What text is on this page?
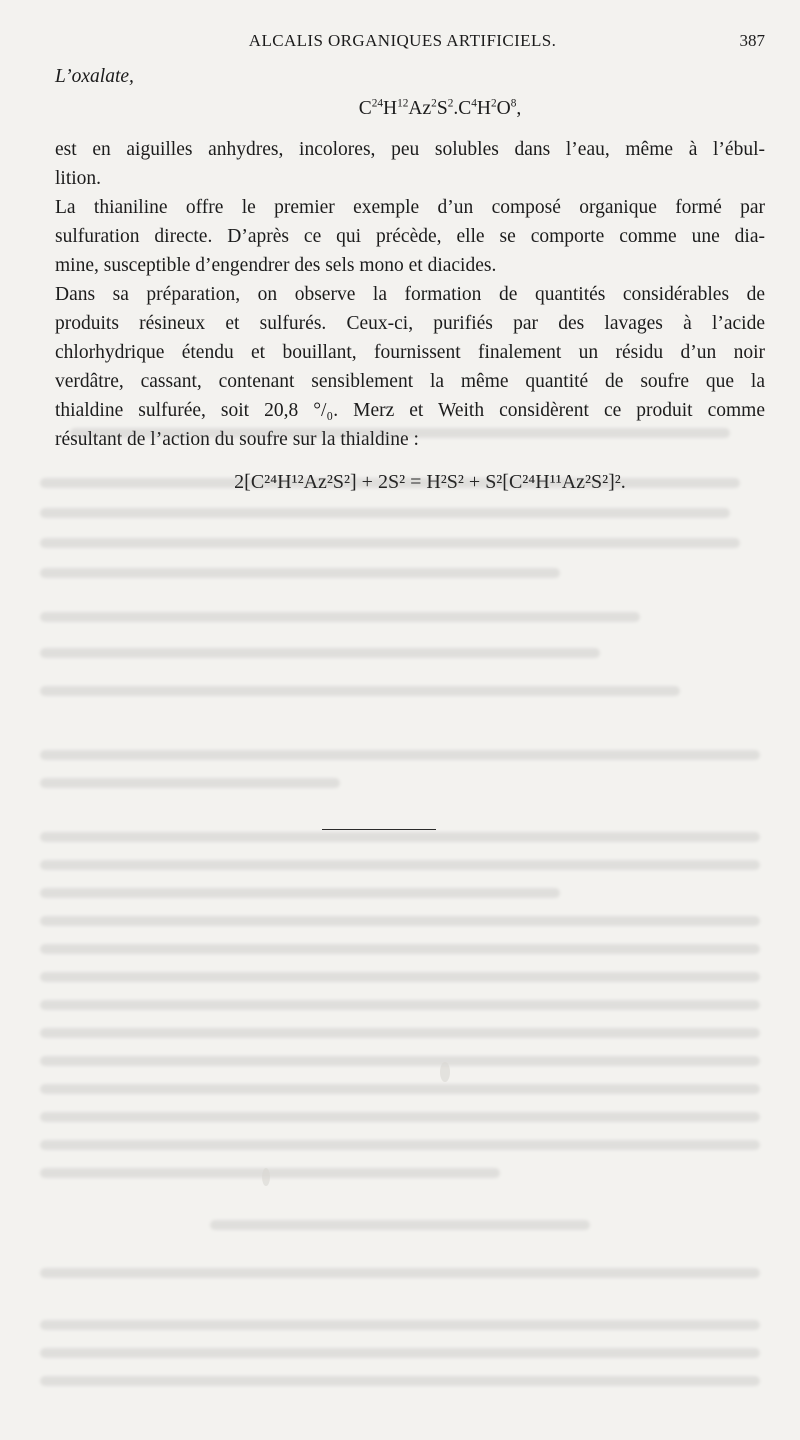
ALCALIS ORGANIQUES ARTIFICIELS.	387
L’oxalate,
$C^{24}H^{12}Az^2S^2.C^4H^2O^8$,
est en aiguilles anhydres, incolores, peu solubles dans l’eau, même à l’ébul-
lition.
La thianiline offre le premier exemple d’un composé organique formé par
sulfuration directe. D’après ce qui précède, elle se comporte comme une dia-
mine, susceptible d’engendrer des sels mono et diacides.
Dans sa préparation, on observe la formation de quantités considérables de
produits résineux et sulfurés. Ceux-ci, purifiés par des lavages à l’acide
chlorhydrique étendu et bouillant, fournissent finalement un résidu d’un noir
verdâtre, cassant, contenant sensiblement la même quantité de soufre que la
thialdine sulfurée, soit 20,8 °/₀. Merz et Weith considèrent ce produit comme
résultant de l’action du soufre sur la thialdine :
2[C²⁴H¹²Az²S²] + 2S² = H²S² + S²[C²⁴H¹¹Az²S²]².
